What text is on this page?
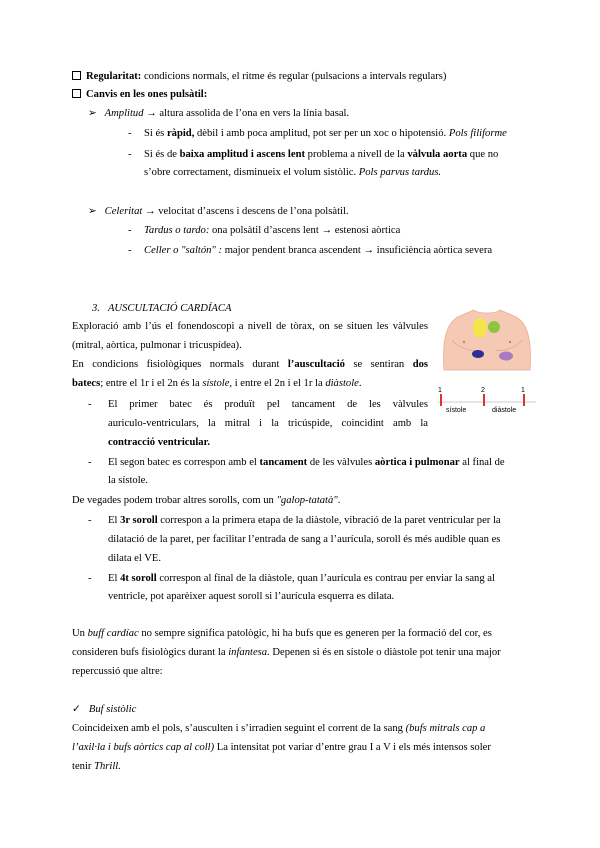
Regularitat: condicions normals, el ritme és regular (pulsacions a intervals regulars)
Canvis en les ones pulsàtil:
➢ Amplitud → altura assolida de l’ona en vers la línia basal.
- Si és ràpid, dèbil i amb poca amplitud, pot ser per un xoc o hipotensió. Pols filiforme
- Si és de baixa amplitud i ascens lent problema a nivell de la vàlvula aorta que no
s’obre correctament, disminueix el volum sistòlic. Pols parvus tardus.
➢ Celeritat → velocitat d’ascens i descens de l’ona polsàtil.
- Tardus o tardo: ona polsàtil d’ascens lent → estenosi aòrtica
- Celler o "saltón" : major pendent branca ascendent → insuficiència aòrtica severa
3. AUSCULTACIÓ CARDÍACA
Exploració amb l’ús el fonendoscopi a nivell de tòrax, on se situen les vàlvules
(mitral, aòrtica, pulmonar i tricuspídea).
En condicions fisiològiques normals durant l’auscultació se sentiran dos
batecs; entre el 1r i el 2n és la sístole, i entre el 2n i el 1r la diàstole.
- El primer batec és produït pel tancament de les vàlvules
auriculo-ventriculars, la mitral i la tricúspide, coincidint amb la
contracció ventricular.
- El segon batec es correspon amb el tancament de les vàlvules aòrtica i pulmonar al final de
la sístole.
De vegades podem trobar altres sorolls, com un "galop-tatatà".
- El 3r soroll correspon a la primera etapa de la diàstole, vibració de la paret ventricular per la
dilatació de la paret, per facilitar l’entrada de sang a l’aurícula, soroll és més audible quan es
dilata el VE.
- El 4t soroll correspon al final de la diàstole, quan l’aurícula es contrau per enviar la sang al
ventricle, pot aparèixer aquest soroll si l’aurícula esquerra es dilata.
Un buff cardíac no sempre significa patològic, hi ha bufs que es generen per la formació del cor, es
consideren bufs fisiològics durant la infantesa. Depenen si és en sístole o diàstole pot tenir una major
repercussió que altre:
✓ Buf sistòlic
Coincideixen amb el pols, s’ausculten i s’irradien seguint el corrent de la sang (bufs mitrals cap a
l’axil·la i bufs aòrtics cap al coll) La intensitat pot variar d’entre grau I a V i els més intensos soler
tenir Thrill.
1	2	1
sístole	diàstole
